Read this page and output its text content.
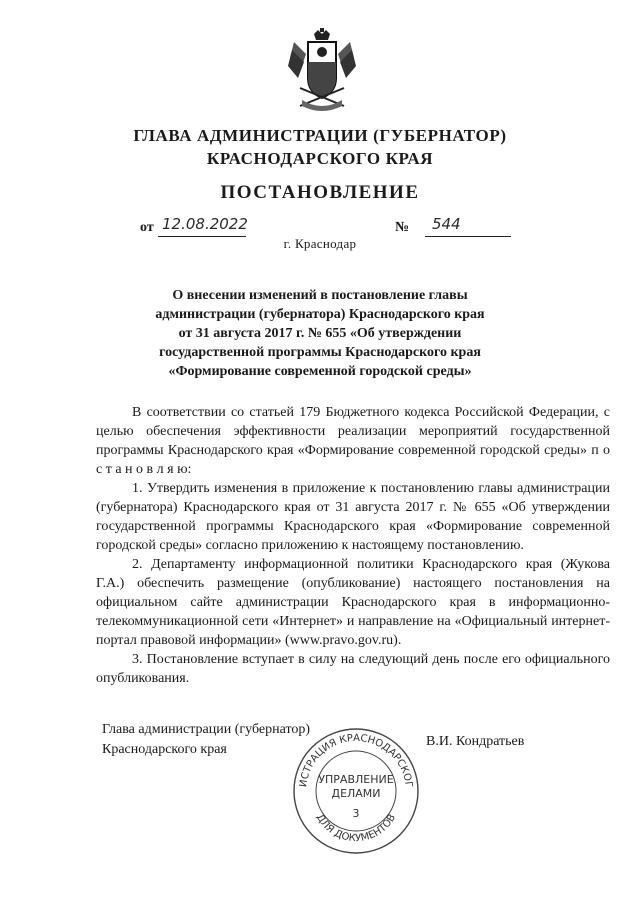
ГЛАВА АДМИНИСТРАЦИИ (ГУБЕРНАТОР)
КРАСНОДАРСКОГО КРАЯ
ПОСТАНОВЛЕНИЕ
от 12.08.2022	№ 544
г. Краснодар
О внесении изменений в постановление главы
администрации (губернатора) Краснодарского края
от 31 августа 2017 г. № 655 «Об утверждении
государственной программы Краснодарского края
«Формирование современной городской среды»

В соответствии со статьей 179 Бюджетного кодекса Российской Федерации, с целью обеспечения эффективности реализации мероприятий государственной программы Краснодарского края «Формирование современной городской среды» п о с т а н о в л я ю:

1. Утвердить изменения в приложение к постановлению главы администрации (губернатора) Краснодарского края от 31 августа 2017 г. № 655 «Об утверждении государственной программы Краснодарского края «Формирование современной городской среды» согласно приложению к настоящему постановлению.

2. Департаменту информационной политики Краснодарского края (Жукова Г.А.) обеспечить размещение (опубликование) настоящего постановления на официальном сайте администрации Краснодарского края в информационно-телекоммуникационной сети «Интернет» и направление на «Официальный интернет-портал правовой информации» (www.pravo.gov.ru).

3. Постановление вступает в силу на следующий день после его официального опубликования.

Глава администрации (губернатор)
Краснодарского края
ИСТРАЦИЯ КРАСНОДАРСКОГ
ДЛЯ ДОКУМЕНТОВ
УПРАВЛЕНИЕ
ДЕЛАМИ
3
В.И. Кондратьев
